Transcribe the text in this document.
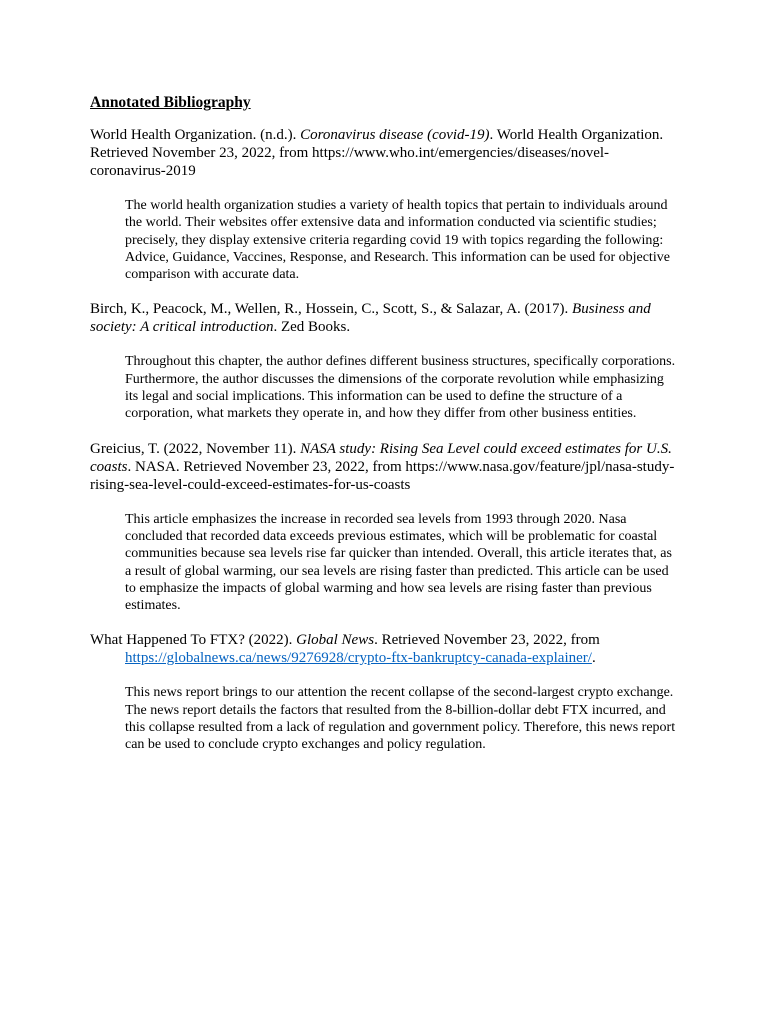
Annotated Bibliography

World Health Organization. (n.d.). Coronavirus disease (covid-19). World Health Organization. Retrieved November 23, 2022, from https://www.who.int/emergencies/diseases/novel-coronavirus-2019

The world health organization studies a variety of health topics that pertain to individuals around the world. Their websites offer extensive data and information conducted via scientific studies; precisely, they display extensive criteria regarding covid 19 with topics regarding the following: Advice, Guidance, Vaccines, Response, and Research. This information can be used for objective comparison with accurate data.

Birch, K., Peacock, M., Wellen, R., Hossein, C., Scott, S., & Salazar, A. (2017). Business and society: A critical introduction. Zed Books.

Throughout this chapter, the author defines different business structures, specifically corporations. Furthermore, the author discusses the dimensions of the corporate revolution while emphasizing its legal and social implications. This information can be used to define the structure of a corporation, what markets they operate in, and how they differ from other business entities.

Greicius, T. (2022, November 11). NASA study: Rising Sea Level could exceed estimates for U.S. coasts. NASA. Retrieved November 23, 2022, from https://www.nasa.gov/feature/jpl/nasa-study-rising-sea-level-could-exceed-estimates-for-us-coasts

This article emphasizes the increase in recorded sea levels from 1993 through 2020. Nasa concluded that recorded data exceeds previous estimates, which will be problematic for coastal communities because sea levels rise far quicker than intended. Overall, this article iterates that, as a result of global warming, our sea levels are rising faster than predicted. This article can be used to emphasize the impacts of global warming and how sea levels are rising faster than previous estimates.

What Happened To FTX? (2022). Global News. Retrieved November 23, 2022, from
https://globalnews.ca/news/9276928/crypto-ftx-bankruptcy-canada-explainer/.

This news report brings to our attention the recent collapse of the second-largest crypto exchange. The news report details the factors that resulted from the 8-billion-dollar debt FTX incurred, and this collapse resulted from a lack of regulation and government policy. Therefore, this news report can be used to conclude crypto exchanges and policy regulation.
